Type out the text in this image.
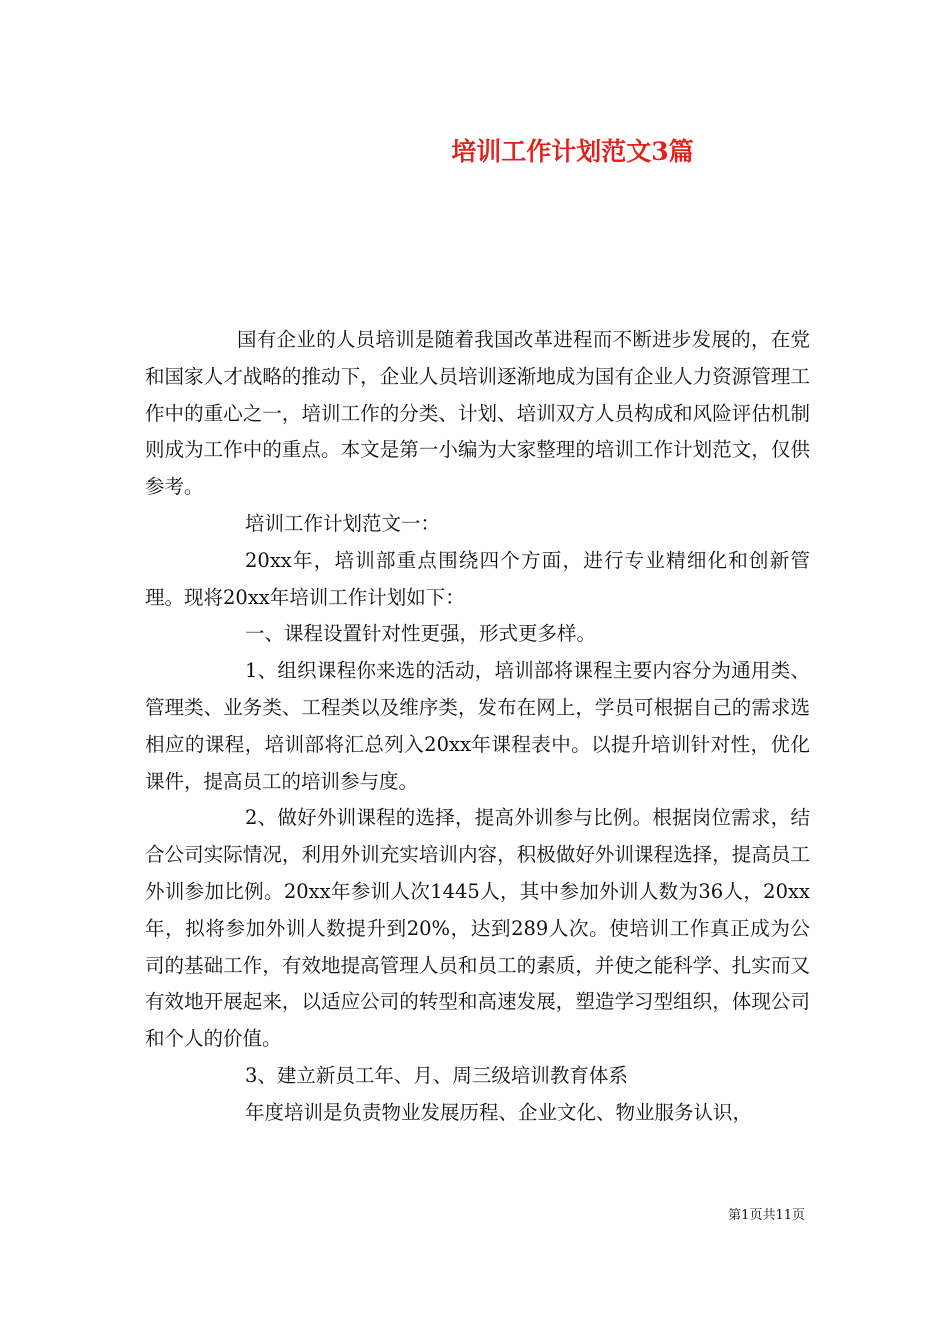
培训工作计划范文3篇

国有企业的人员培训是随着我国改革进程而不断进步发展的，在党和国家人才战略的推动下，企业人员培训逐渐地成为国有企业人力资源管理工作中的重心之一，培训工作的分类、计划、培训双方人员构成和风险评估机制则成为工作中的重点。本文是第一小编为大家整理的培训工作计划范文，仅供参考。

培训工作计划范文一：

20xx年，培训部重点围绕四个方面，进行专业精细化和创新管理。现将20xx年培训工作计划如下：

一、课程设置针对性更强，形式更多样。

1、组织课程你来选的活动，培训部将课程主要内容分为通用类、管理类、业务类、工程类以及维序类，发布在网上，学员可根据自己的需求选相应的课程，培训部将汇总列入20xx年课程表中。以提升培训针对性，优化课件，提高员工的培训参与度。

2、做好外训课程的选择，提高外训参与比例。根据岗位需求，结合公司实际情况，利用外训充实培训内容，积极做好外训课程选择，提高员工外训参加比例。20xx年参训人次1445人，其中参加外训人数为36人，20xx年，拟将参加外训人数提升到20%，达到289人次。使培训工作真正成为公司的基础工作，有效地提高管理人员和员工的素质，并使之能科学、扎实而又有效地开展起来，以适应公司的转型和高速发展，塑造学习型组织，体现公司和个人的价值。

3、建立新员工年、月、周三级培训教育体系

年度培训是负责物业发展历程、企业文化、物业服务认识，

第1页共11页
